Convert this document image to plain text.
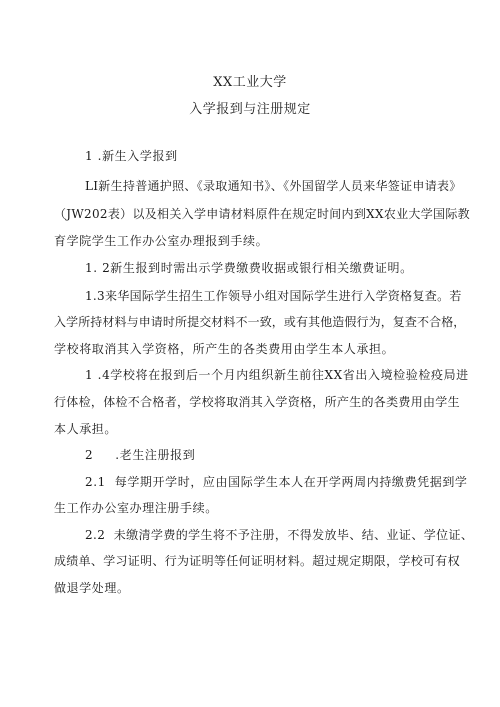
XX工业大学
入学报到与注册规定
1 .新生入学报到
LI新生持普通护照、《录取通知书》、《外国留学人员来华签证申请表》
（JW202表）以及相关入学申请材料原件在规定时间内到XX农业大学国际教
育学院学生工作办公室办理报到手续。
1. 2新生报到时需出示学费缴费收据或银行相关缴费证明。
1.3来华国际学生招生工作领导小组对国际学生进行入学资格复查。若
入学所持材料与申请时所提交材料不一致，或有其他造假行为，复查不合格，
学校将取消其入学资格，所产生的各类费用由学生本人承担。
1 .4学校将在报到后一个月内组织新生前往XX省出入境检验检疫局进
行体检，体检不合格者，学校将取消其入学资格，所产生的各类费用由学生
本人承担。
2     .老生注册报到
2.1  每学期开学时，应由国际学生本人在开学两周内持缴费凭据到学
生工作办公室办理注册手续。
2.2  未缴清学费的学生将不予注册，不得发放毕、结、业证、学位证、
成绩单、学习证明、行为证明等任何证明材料。超过规定期限，学校可有权
做退学处理。
